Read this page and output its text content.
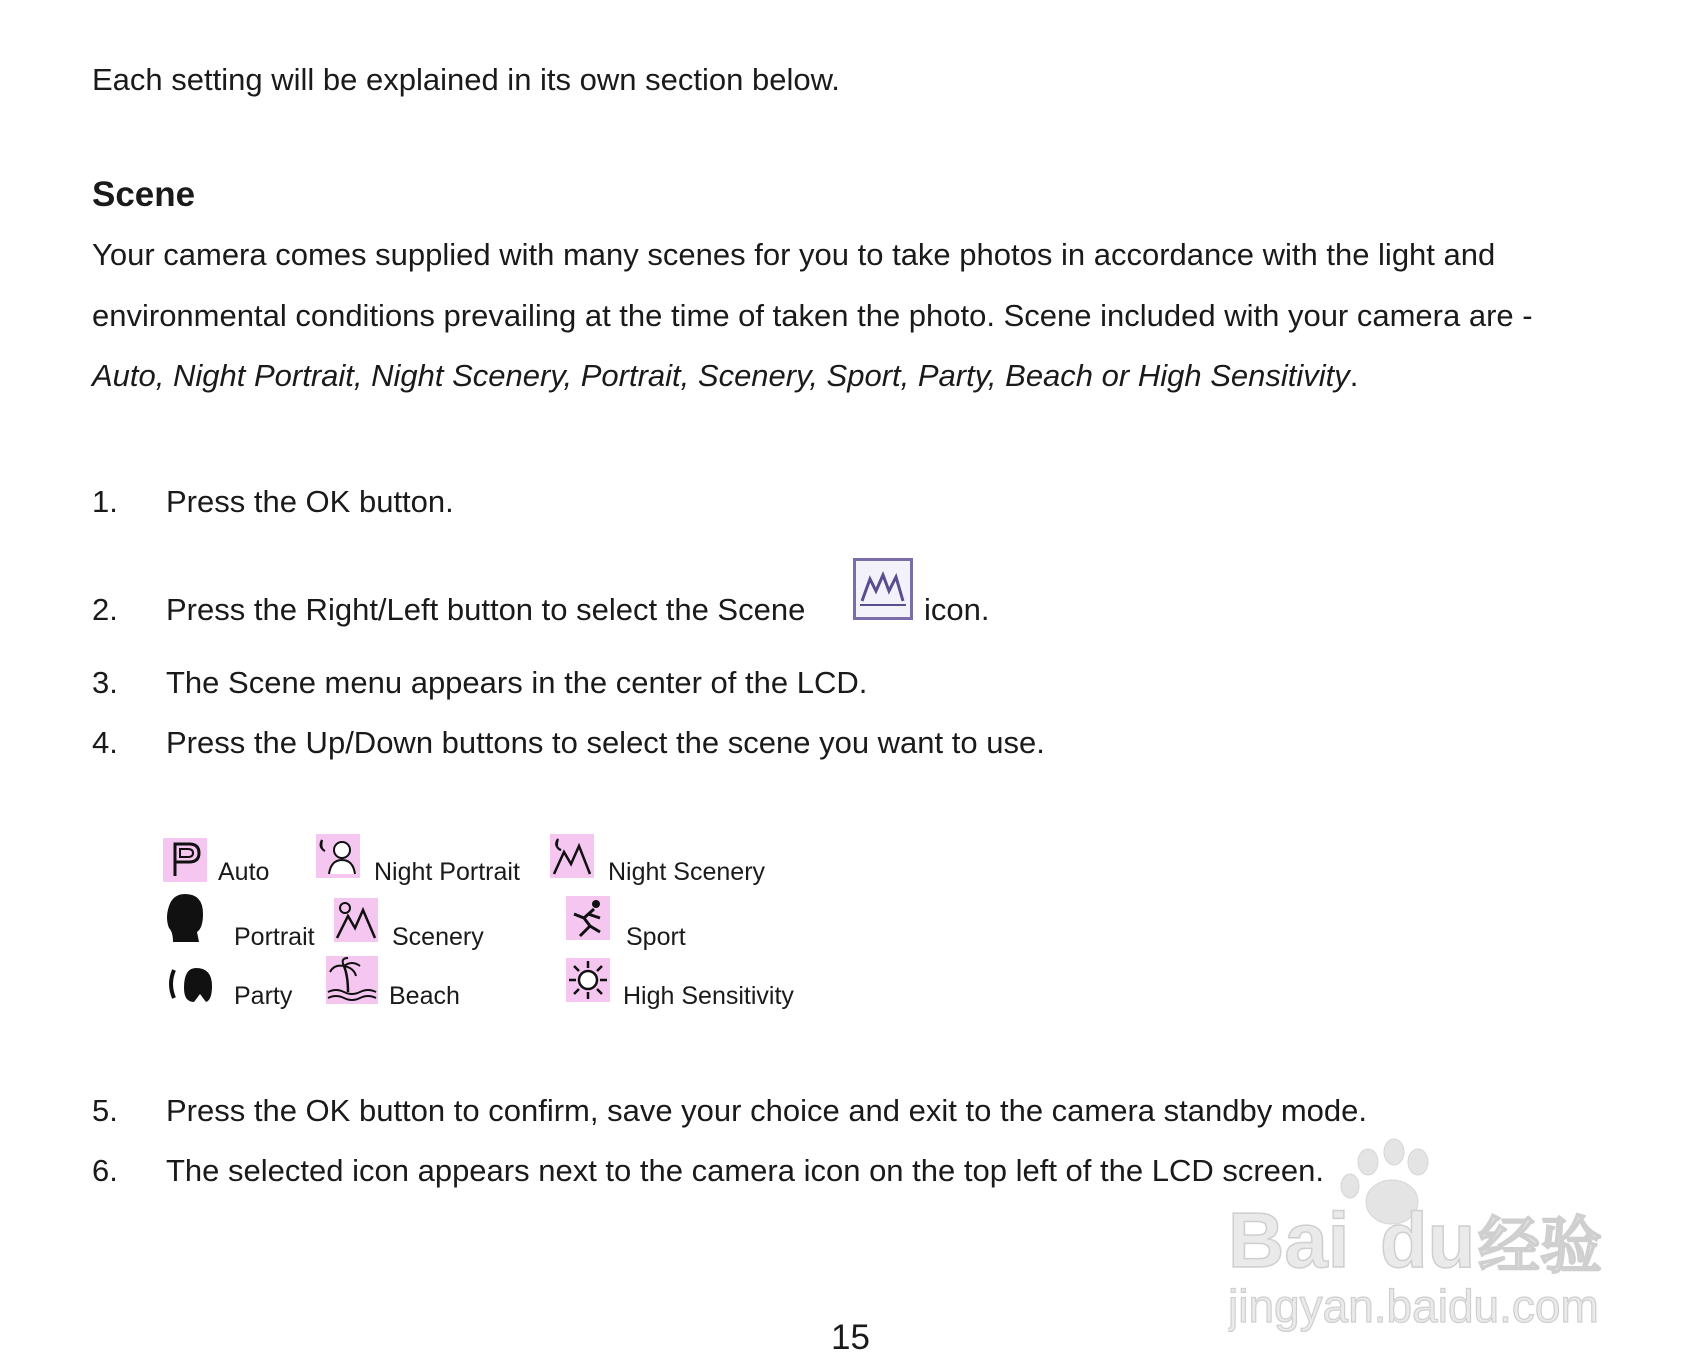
Each setting will be explained in its own section below.
Scene
Your camera comes supplied with many scenes for you to take photos in accordance with the light and
environmental conditions prevailing at the time of taken the photo. Scene included with your camera are -
Auto, Night Portrait, Night Scenery, Portrait, Scenery, Sport, Party, Beach or High Sensitivity.
1. Press the OK button.
2. Press the Right/Left button to select the Scene	icon.
3. The Scene menu appears in the center of the LCD.
4. Press the Up/Down buttons to select the scene you want to use.
Auto	Night Portrait	Night Scenery
Portrait	Scenery	Sport
Party	Beach	High Sensitivity
5. Press the OK button to confirm, save your choice and exit to the camera standby mode.
6. The selected icon appears next to the camera icon on the top left of the LCD screen.
Bai du 经验
jingyan.baidu.com
15
